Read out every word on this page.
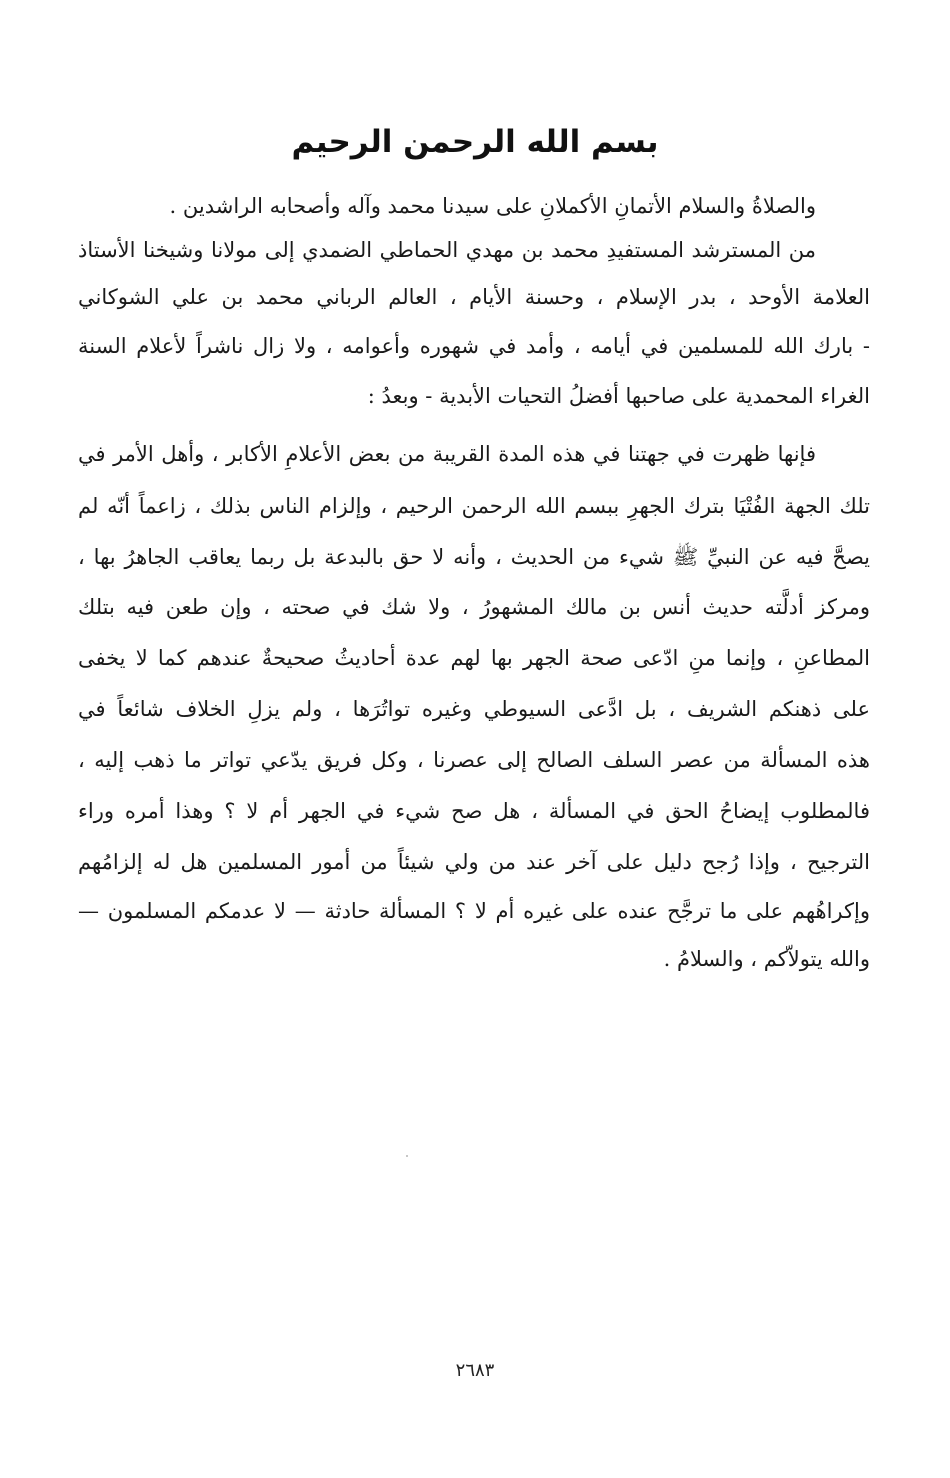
بسم الله الرحمن الرحيم
والصلاةُ والسلام الأتمانِ الأكملانِ على سيدنا محمد وآله وأصحابه الراشدين .
من المسترشد المستفيدِ محمد بن مهدي الحماطي الضمدي إلى مولانا وشيخنا الأستاذ
العلامة الأوحد ، بدر الإسلام ، وحسنة الأيام ، العالم الرباني محمد بن علي الشوكاني
- بارك الله للمسلمين في أيامه ، وأمد في شهوره وأعوامه ، ولا زال ناشراً لأعلام السنة
الغراء المحمدية على صاحبها أفضلُ التحيات الأبدية - وبعدُ :
فإنها ظهرت في جهتنا في هذه المدة القريبة من بعض الأعلامِ الأكابر ، وأهل الأمر في
تلك الجهة الفُتْيَا بترك الجهرِ ببسم الله الرحمن الرحيم ، وإلزام الناس بذلك ، زاعماً أنّه لم
يصحَّ فيه عن النبيِّ ﷺ شيء من الحديث ، وأنه لا حق بالبدعة بل ربما يعاقب الجاهرُ بها ،
ومركز أدلَّته حديث أنس بن مالك المشهورُ ، ولا شك في صحته ، وإن طعن فيه بتلك
المطاعنِ ، وإنما منِ ادّعى صحة الجهر بها لهم عدة أحاديثُ صحيحةٌ عندهم كما لا يخفى
على ذهنكم الشريف ، بل ادَّعى السيوطي وغيره تواتُرَها ، ولم يزلِ الخلاف شائعاً في
هذه المسألة من عصر السلف الصالح إلى عصرنا ، وكل فريق يدّعي تواتر ما ذهب إليه ،
فالمطلوب إيضاحُ الحق في المسألة ، هل صح شيء في الجهر أم لا ؟ وهذا أمره وراء
الترجيح ، وإذا رُجح دليل على آخر عند من ولي شيئاً من أمور المسلمين هل له إلزامُهم
وإكراهُهم على ما ترجَّح عنده على غيره أم لا ؟ المسألة حادثة — لا عدمكم المسلمون —
والله يتولاّكم ، والسلامُ .
٢٦٨٣
